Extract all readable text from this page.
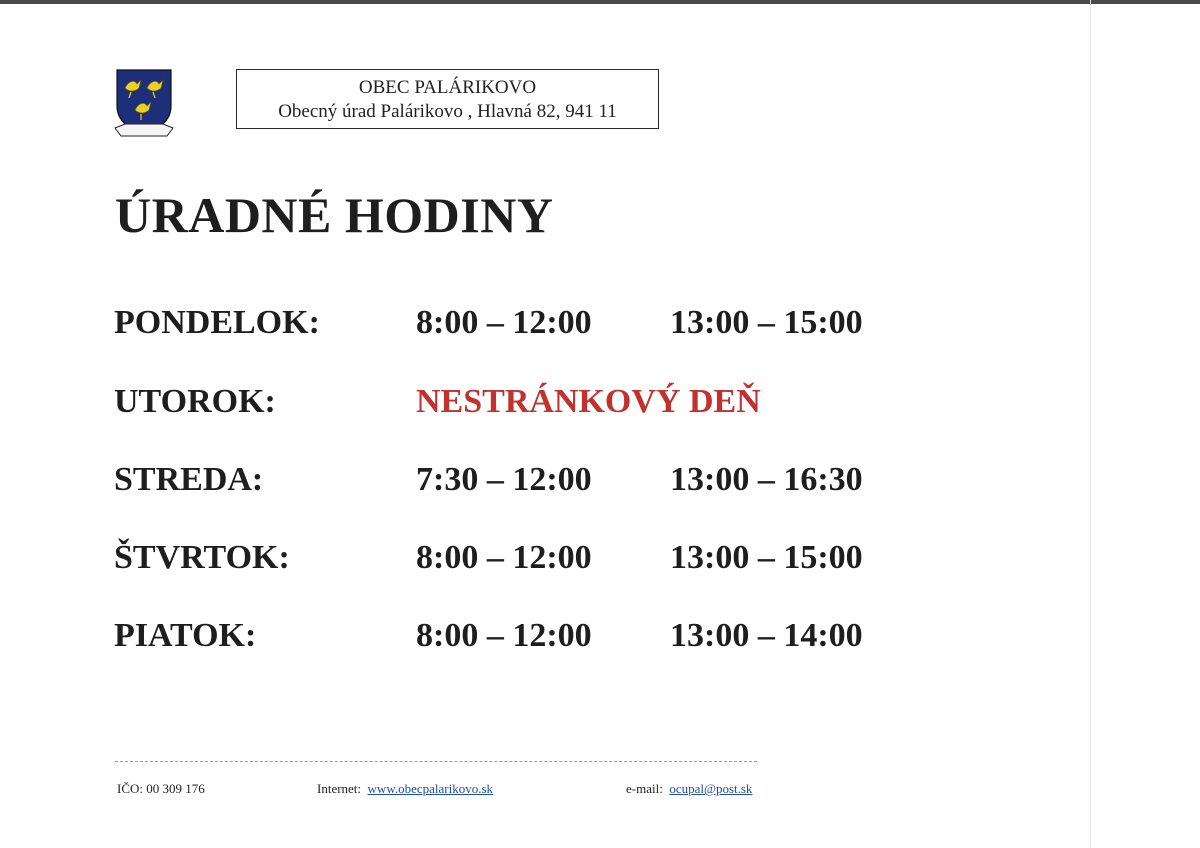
OBEC PALÁRIKOVO
Obecný úrad Palárikovo , Hlavná 82, 941 11
ÚRADNÉ HODINY
PONDELOK:	8:00 – 12:00 13:00 – 15:00
UTOROK:	NESTRÁNKOVÝ DEŇ
STREDA:	7:30 – 12:00 13:00 – 16:30
ŠTVRTOK:	8:00 – 12:00 13:00 – 15:00
PIATOK:	8:00 – 12:00 13:00 – 14:00
IČO: 00 309 176	Internet: www.obecpalarikovo.sk	e-mail: ocupal@post.sk
